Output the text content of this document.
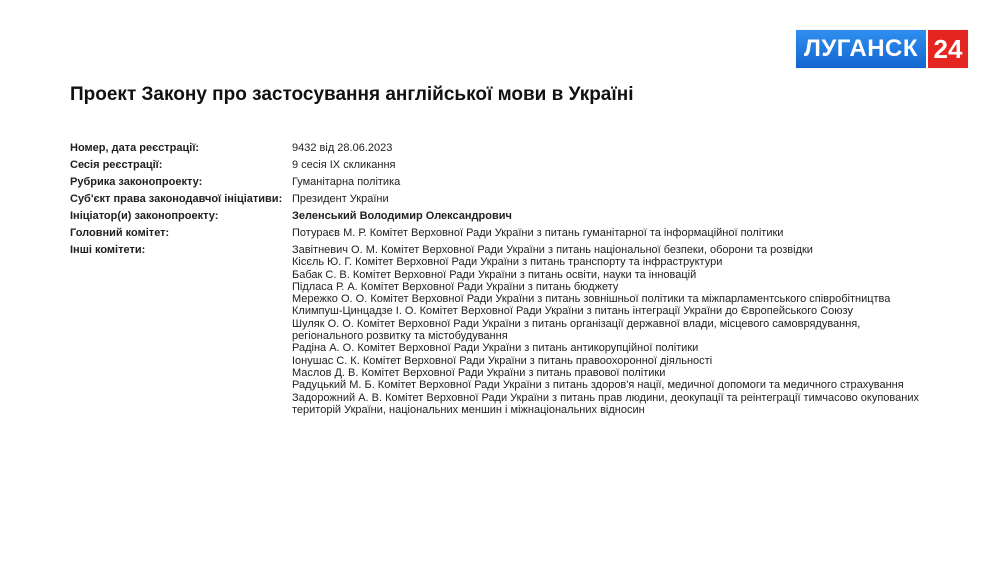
ЛУГАНСК 24
Проект Закону про застосування англійської мови в Україні
Номер, дата реєстрації:	9432 від 28.06.2023
Сесія реєстрації:	9 сесія IX скликання
Рубрика законопроекту:	Гуманітарна політика
Суб'єкт права законодавчої ініціативи: Президент України
Ініціатор(и) законопроекту:	Зеленський Володимир Олександрович
Головний комітет:	Потураєв М. Р. Комітет Верховної Ради України з питань гуманітарної та інформаційної політики
Інші комітети:	Завітневич О. М. Комітет Верховної Ради України з питань національної безпеки, оборони та розвідки
Кісєль Ю. Г. Комітет Верховної Ради України з питань транспорту та інфраструктури
Бабак С. В. Комітет Верховної Ради України з питань освіти, науки та інновацій
Підласа Р. А. Комітет Верховної Ради України з питань бюджету
Мережко О. О. Комітет Верховної Ради України з питань зовнішньої політики та міжпарламентського співробітництва
Климпуш-Цинцадзе І. О. Комітет Верховної Ради України з питань інтеграції України до Європейського Союзу
Шуляк О. О. Комітет Верховної Ради України з питань організації державної влади, місцевого самоврядування, регіонального розвитку та містобудування
Радіна А. О. Комітет Верховної Ради України з питань антикорупційної політики
Іонушас С. К. Комітет Верховної Ради України з питань правоохоронної діяльності
Маслов Д. В. Комітет Верховної Ради України з питань правової політики
Радуцький М. Б. Комітет Верховної Ради України з питань здоров'я нації, медичної допомоги та медичного страхування
Задорожний А. В. Комітет Верховної Ради України з питань прав людини, деокупації та реінтеграції тимчасово окупованих територій України, національних меншин і міжнаціональних відносин
